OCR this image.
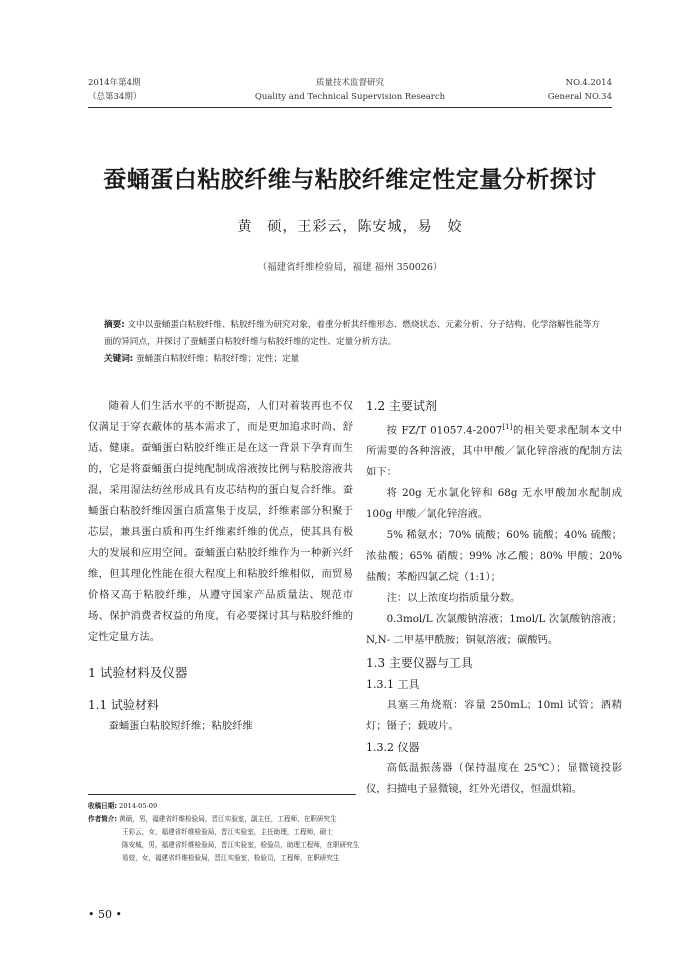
2014年第4期
（总第34期）
质量技术监督研究
Quality and Technical Supervision Research
NO.4.2014
General NO.34
蚕蛹蛋白粘胶纤维与粘胶纤维定性定量分析探讨
黄　硕，王彩云，陈安城，易　姣
（福建省纤维检验局，福建 福州 350026）
摘要: 文中以蚕蛹蛋白粘胶纤维、粘胶纤维为研究对象，着重分析其纤维形态、燃烧状态、元素分析、分子结构、化学溶解性能等方面的异同点，并探讨了蚕蛹蛋白粘胶纤维与粘胶纤维的定性、定量分析方法。
关键词: 蚕蛹蛋白粘胶纤维；粘胶纤维；定性；定量

随着人们生活水平的不断提高，人们对着装再也不仅仅满足于穿衣蔽体的基本需求了，而是更加追求时尚、舒适、健康。蚕蛹蛋白粘胶纤维正是在这一背景下孕育而生的，它是将蚕蛹蛋白提纯配制成溶液按比例与粘胶溶液共混，采用湿法纺丝形成具有皮芯结构的蛋白复合纤维。蚕蛹蛋白粘胶纤维因蛋白质富集于皮层，纤维素部分积聚于芯层，兼具蛋白质和再生纤维素纤维的优点，使其具有极大的发展和应用空间。蚕蛹蛋白粘胶纤维作为一种新兴纤维，但其理化性能在很大程度上和粘胶纤维相似，而贸易价格又高于粘胶纤维，从遵守国家产品质量法、规范市场、保护消费者权益的角度，有必要探讨其与粘胶纤维的定性定量方法。

1 试验材料及仪器

1.1 试验材料

蚕蛹蛋白粘胶短纤维；粘胶纤维

1.2 主要试剂

按 FZ/T 01057.4-2007[1]的相关要求配制本文中所需要的各种溶液，其中甲酸／氯化锌溶液的配制方法如下：

将 20g 无水氯化锌和 68g 无水甲酸加水配制成 100g 甲酸／氯化锌溶液。

5% 稀氨水；70% 硫酸；60% 硫酸；40% 硫酸；浓盐酸；65% 硝酸；99% 冰乙酸；80% 甲酸；20% 盐酸；苯酚四氯乙烷（1:1）；

注：以上浓度均指质量分数。

0.3mol/L 次氯酸钠溶液；1mol/L 次氯酸钠溶液；N,N- 二甲基甲酰胺；铜氨溶液；碳酸钙。

1.3 主要仪器与工具

1.3.1 工具

具塞三角烧瓶：容量 250mL；10ml 试管；酒精灯；镊子；载玻片。

1.3.2 仪器

高低温振荡器（保持温度在 25℃）；显微镜投影仪，扫描电子显微镜，红外光谱仪，恒温烘箱。

收稿日期: 2014-05-09
作者简介: 黄硕，男，福建省纤维检验局，晋江实验室，副主任，工程师，在职研究生
王彩云，女，福建省纤维检验局，晋江实验室，主任助理，工程师，硕士
陈安城，男，福建省纤维检验局，晋江实验室，检验员，助理工程师，在职研究生
易姣，女，福建省纤维检验局，晋江实验室，检验员，工程师，在职研究生
• 50 •
